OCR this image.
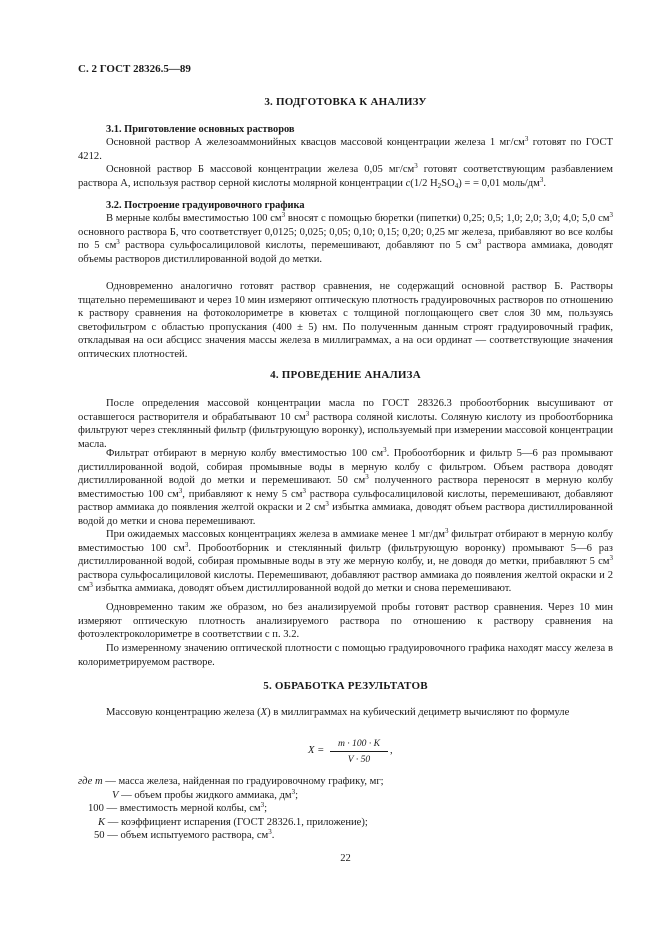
С. 2 ГОСТ 28326.5—89
3. ПОДГОТОВКА К АНАЛИЗУ
3.1. Приготовление основных растворов

Основной раствор А железоаммонийных квасцов массовой концентрации железа 1 $мг/см^3$ готовят по ГОСТ 4212.

Основной раствор Б массовой концентрации железа 0,05 $мг/см^3$ готовят соответствующим разбавлением раствора А, используя раствор серной кислоты молярной концентрации c(1/2 $H_2SO_4$) = = 0,01 моль/$дм^3$.

3.2. Построение градуировочного графика

В мерные колбы вместимостью 100 $см^3$ вносят с помощью бюретки (пипетки) 0,25; 0,5; 1,0; 2,0; 3,0; 4,0; 5,0 $см^3$ основного раствора Б, что соответствует 0,0125; 0,025; 0,05; 0,10; 0,15; 0,20; 0,25 мг железа, прибавляют во все колбы по 5 $см^3$ раствора сульфосалициловой кислоты, перемешивают, добавляют по 5 $см^3$ раствора аммиака, доводят объемы растворов дистиллированной водой до метки.

Одновременно аналогично готовят раствор сравнения, не содержащий основной раствор Б. Растворы тщательно перемешивают и через 10 мин измеряют оптическую плотность градуировочных растворов по отношению к раствору сравнения на фотоколориметре в кюветах с толщиной поглощающего свет слоя 30 мм, пользуясь светофильтром с областью пропускания (400 ± 5) нм. По полученным данным строят градуировочный график, откладывая на оси абсцисс значения массы железа в миллиграммах, а на оси ординат — соответствующие значения оптических плотностей.

4. ПРОВЕДЕНИЕ АНАЛИЗА

После определения массовой концентрации масла по ГОСТ 28326.3 пробоотборник высушивают от оставшегося растворителя и обрабатывают 10 $см^3$ раствора соляной кислоты. Соляную кислоту из пробоотборника фильтруют через стеклянный фильтр (фильтрующую воронку), используемый при измерении массовой концентрации масла.

Фильтрат отбирают в мерную колбу вместимостью 100 $см^3$. Пробоотборник и фильтр 5—6 раз промывают дистиллированной водой, собирая промывные воды в мерную колбу с фильтром. Объем раствора доводят дистиллированной водой до метки и перемешивают. 50 $см^3$ полученного раствора переносят в мерную колбу вместимостью 100 $см^3$, прибавляют к нему 5 $см^3$ раствора сульфосалициловой кислоты, перемешивают, добавляют раствор аммиака до появления желтой окраски и 2 $см^3$ избытка аммиака, доводят объем раствора дистиллированной водой до метки и снова перемешивают.

При ожидаемых массовых концентрациях железа в аммиаке менее 1 $мг/дм^3$ фильтрат отбирают в мерную колбу вместимостью 100 $см^3$. Пробоотборник и стеклянный фильтр (фильтрующую воронку) промывают 5—6 раз дистиллированной водой, собирая промывные воды в эту же мерную колбу, и, не доводя до метки, прибавляют 5 $см^3$ раствора сульфосалициловой кислоты. Перемешивают, добавляют раствор аммиака до появления желтой окраски и 2 $см^3$ избытка аммиака, доводят объем дистиллированной водой до метки и снова перемешивают.

Одновременно таким же образом, но без анализируемой пробы готовят раствор сравнения. Через 10 мин измеряют оптическую плотность анализируемого раствора по отношению к раствору сравнения на фотоэлектроколориметре в соответствии с п. 3.2.

По измеренному значению оптической плотности с помощью градуировочного графика находят массу железа в колориметрируемом растворе.

5. ОБРАБОТКА РЕЗУЛЬТАТОВ

Массовую концентрацию железа (X) в миллиграммах на кубический дециметр вычисляют по формуле

X =
m · 100 · K
V · 50
,
где m — масса железа, найденная по градуировочному графику, мг;
V — объем пробы жидкого аммиака, $дм^3$;
100 — вместимость мерной колбы, $см^3$;
K — коэффициент испарения (ГОСТ 28326.1, приложение);
50 — объем испытуемого раствора, $см^3$.
22
